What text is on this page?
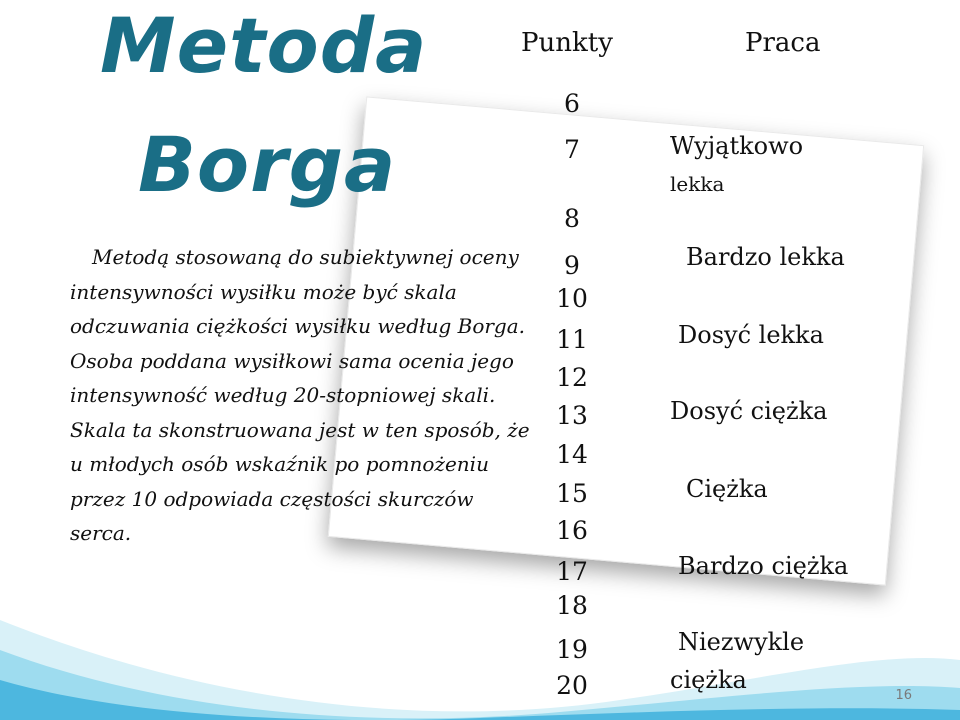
Metoda
Borga

Punkty	Praca

6

7

8

9

10

11

12

13

14

15

16

17

18

19

20

Wyjątkowo

lekka

Bardzo lekka

Dosyć lekka

Dosyć ciężka

Ciężka

Bardzo ciężka

Niezwykle

ciężka

Metodą stosowaną do subiektywnej oceny intensywności wysiłku może być skala odczuwania ciężkości wysiłku według Borga. Osoba poddana wysiłkowi sama ocenia jego intensywność według 20-stopniowej skali. Skala ta skonstruowana jest w ten sposób, że u młodych osób wskaźnik po pomnożeniu przez 10 odpowiada częstości skurczów serca.

16
